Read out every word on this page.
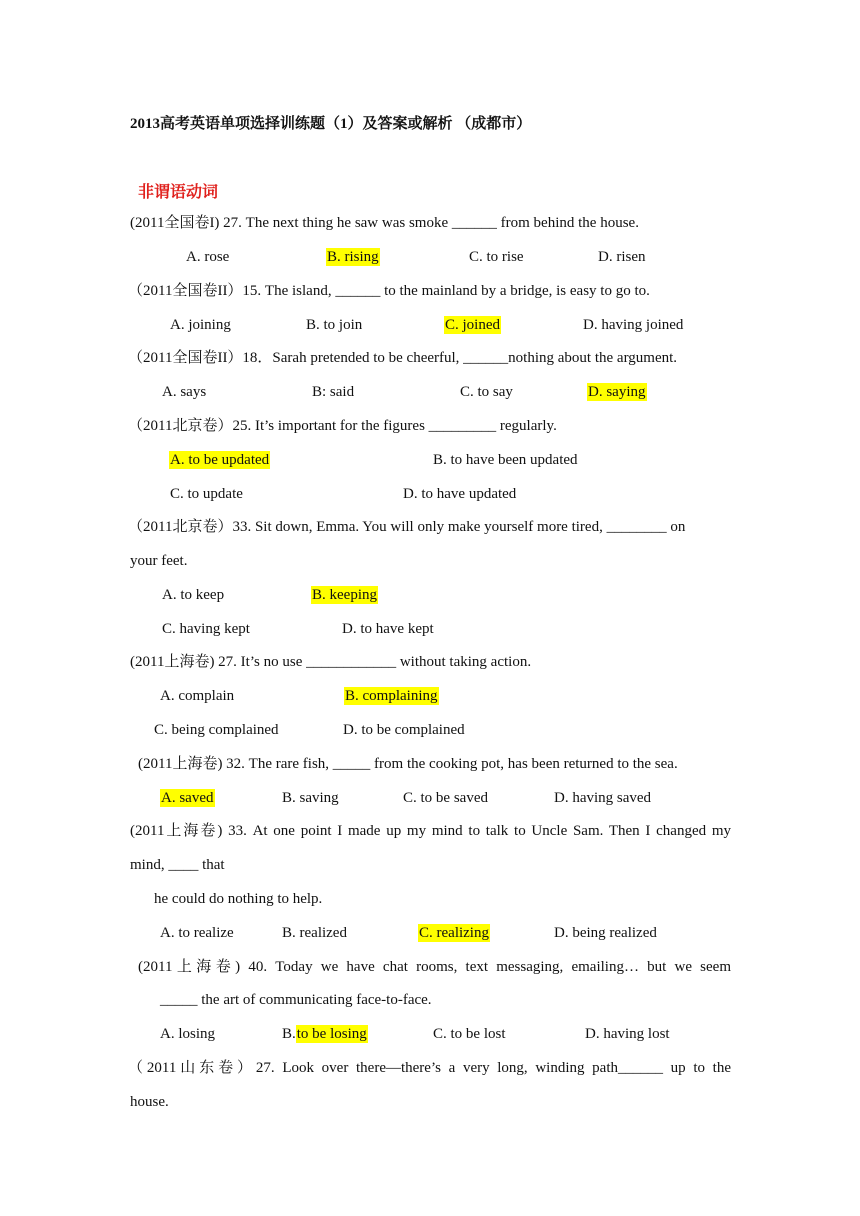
2013高考英语单项选择训练题（1）及答案或解析 （成都市）
非谓语动词
(2011全国卷I) 27. The next thing he saw was smoke ______ from behind the house.
A. rose	B. rising	C. to rise	D. risen
（2011全国卷II）15. The island, ______ to the mainland by a bridge, is easy to go to.
A. joining	B. to join	C. joined	D. having joined
（2011全国卷II）18．Sarah pretended to be cheerful, ______nothing about the argument.
A. says	B: said	C. to say	D. saying
（2011北京卷）25. It’s important for the figures _________ regularly.
A. to be updated	B. to have been updated
C. to update	D. to have updated
（2011北京卷）33. Sit down, Emma. You will only make yourself more tired, ________ on
your feet.
A. to keep	B. keeping
C. having kept	D. to have kept
(2011上海卷) 27. It’s no use ____________ without taking action.
A. complain	B. complaining
C. being complained	D. to be complained
(2011上海卷) 32. The rare fish, _____ from the cooking pot, has been returned to the sea.
A. saved	B. saving	C. to be saved	D. having saved
(2011上海卷) 33. At one point I made up my mind to talk to Uncle Sam. Then I changed my
mind, ____ that
he could do nothing to help.
A. to realize	B. realized	C. realizing	D. being realized
(2011上海卷) 40. Today we have chat rooms, text messaging, emailing… but we seem
_____ the art of communicating face-to-face.
A. losing	B.to be losing	C. to be lost	D. having lost
（2011山东卷）27. Look over there—there’s a very long, winding path______ up to the
house.
